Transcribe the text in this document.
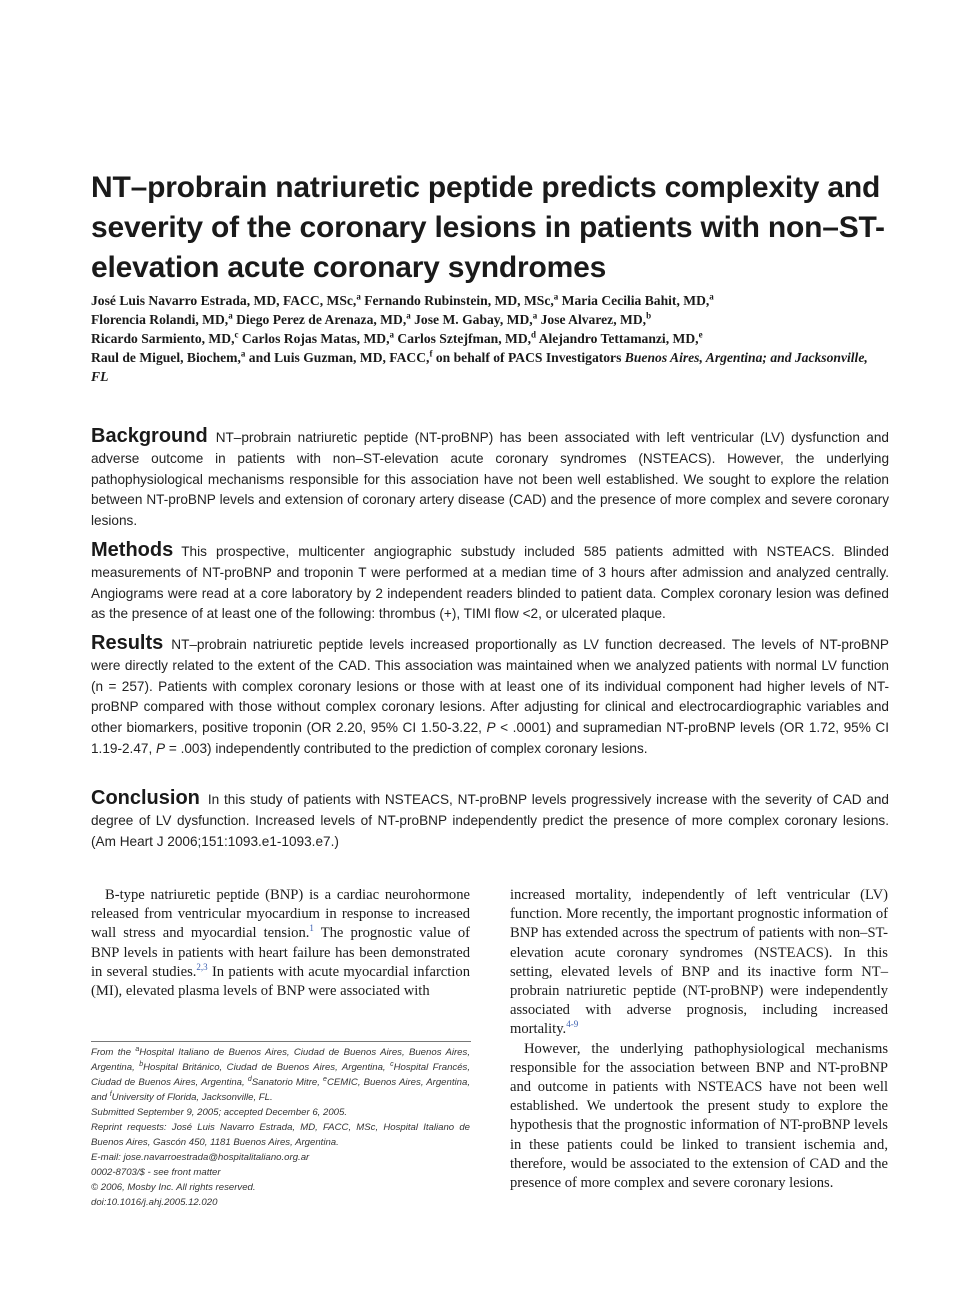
NT–probrain natriuretic peptide predicts complexity and severity of the coronary lesions in patients with non–ST-elevation acute coronary syndromes
José Luis Navarro Estrada, MD, FACC, MSc,$^a$ Fernando Rubinstein, MD, MSc,$^a$ Maria Cecilia Bahit, MD,$^a$
Florencia Rolandi, MD,$^a$ Diego Perez de Arenaza, MD,$^a$ Jose M. Gabay, MD,$^a$ Jose Alvarez, MD,$^b$
Ricardo Sarmiento, MD,$^c$ Carlos Rojas Matas, MD,$^a$ Carlos Sztejfman, MD,$^d$ Alejandro Tettamanzi, MD,$^e$
Raul de Miguel, Biochem,$^a$ and Luis Guzman, MD, FACC,$^f$ on behalf of PACS Investigators Buenos Aires, Argentina; and Jacksonville, FL
Background NT–probrain natriuretic peptide (NT-proBNP) has been associated with left ventricular (LV) dysfunction and adverse outcome in patients with non–ST-elevation acute coronary syndromes (NSTEACS). However, the underlying pathophysiological mechanisms responsible for this association have not been well established. We sought to explore the relation between NT-proBNP levels and extension of coronary artery disease (CAD) and the presence of more complex and severe coronary lesions.
Methods This prospective, multicenter angiographic substudy included 585 patients admitted with NSTEACS. Blinded measurements of NT-proBNP and troponin T were performed at a median time of 3 hours after admission and analyzed centrally. Angiograms were read at a core laboratory by 2 independent readers blinded to patient data. Complex coronary lesion was defined as the presence of at least one of the following: thrombus (+), TIMI flow <2, or ulcerated plaque.
Results NT–probrain natriuretic peptide levels increased proportionally as LV function decreased. The levels of NT-proBNP were directly related to the extent of the CAD. This association was maintained when we analyzed patients with normal LV function (n = 257). Patients with complex coronary lesions or those with at least one of its individual component had higher levels of NT-proBNP compared with those without complex coronary lesions. After adjusting for clinical and electrocardiographic variables and other biomarkers, positive troponin (OR 2.20, 95% CI 1.50-3.22, P < .0001) and supramedian NT-proBNP levels (OR 1.72, 95% CI 1.19-2.47, P = .003) independently contributed to the prediction of complex coronary lesions.
Conclusion In this study of patients with NSTEACS, NT-proBNP levels progressively increase with the severity of CAD and degree of LV dysfunction. Increased levels of NT-proBNP independently predict the presence of more complex coronary lesions. (Am Heart J 2006;151:1093.e1-1093.e7.)

B-type natriuretic peptide (BNP) is a cardiac neurohormone released from ventricular myocardium in response to increased wall stress and myocardial tension.$^1$ The prognostic value of BNP levels in patients with heart failure has been demonstrated in several studies.$^{2,3}$ In patients with acute myocardial infarction (MI), elevated plasma levels of BNP were associated with

increased mortality, independently of left ventricular (LV) function. More recently, the important prognostic information of BNP has extended across the spectrum of patients with non–ST-elevation acute coronary syndromes (NSTEACS). In this setting, elevated levels of BNP and its inactive form NT–probrain natriuretic peptide (NT-proBNP) were independently associated with adverse prognosis, including increased mortality.$^{4-9}$

However, the underlying pathophysiological mechanisms responsible for the association between BNP and NT-proBNP and outcome in patients with NSTEACS have not been well established. We undertook the present study to explore the hypothesis that the prognostic information of NT-proBNP levels in these patients could be linked to transient ischemia and, therefore, would be associated to the extension of CAD and the presence of more complex and severe coronary lesions.

From the $^a$Hospital Italiano de Buenos Aires, Ciudad de Buenos Aires, Buenos Aires, Argentina, $^b$Hospital Británico, Ciudad de Buenos Aires, Argentina, $^c$Hospital Francés, Ciudad de Buenos Aires, Argentina, $^d$Sanatorio Mitre, $^e$CEMIC, Buenos Aires, Argentina, and $^f$University of Florida, Jacksonville, FL.
Submitted September 9, 2005; accepted December 6, 2005.
Reprint requests: José Luis Navarro Estrada, MD, FACC, MSc, Hospital Italiano de Buenos Aires, Gascón 450, 1181 Buenos Aires, Argentina.
E-mail: jose.navarroestrada@hospitalitaliano.org.ar
0002-8703/$ - see front matter
© 2006, Mosby Inc. All rights reserved.
doi:10.1016/j.ahj.2005.12.020
